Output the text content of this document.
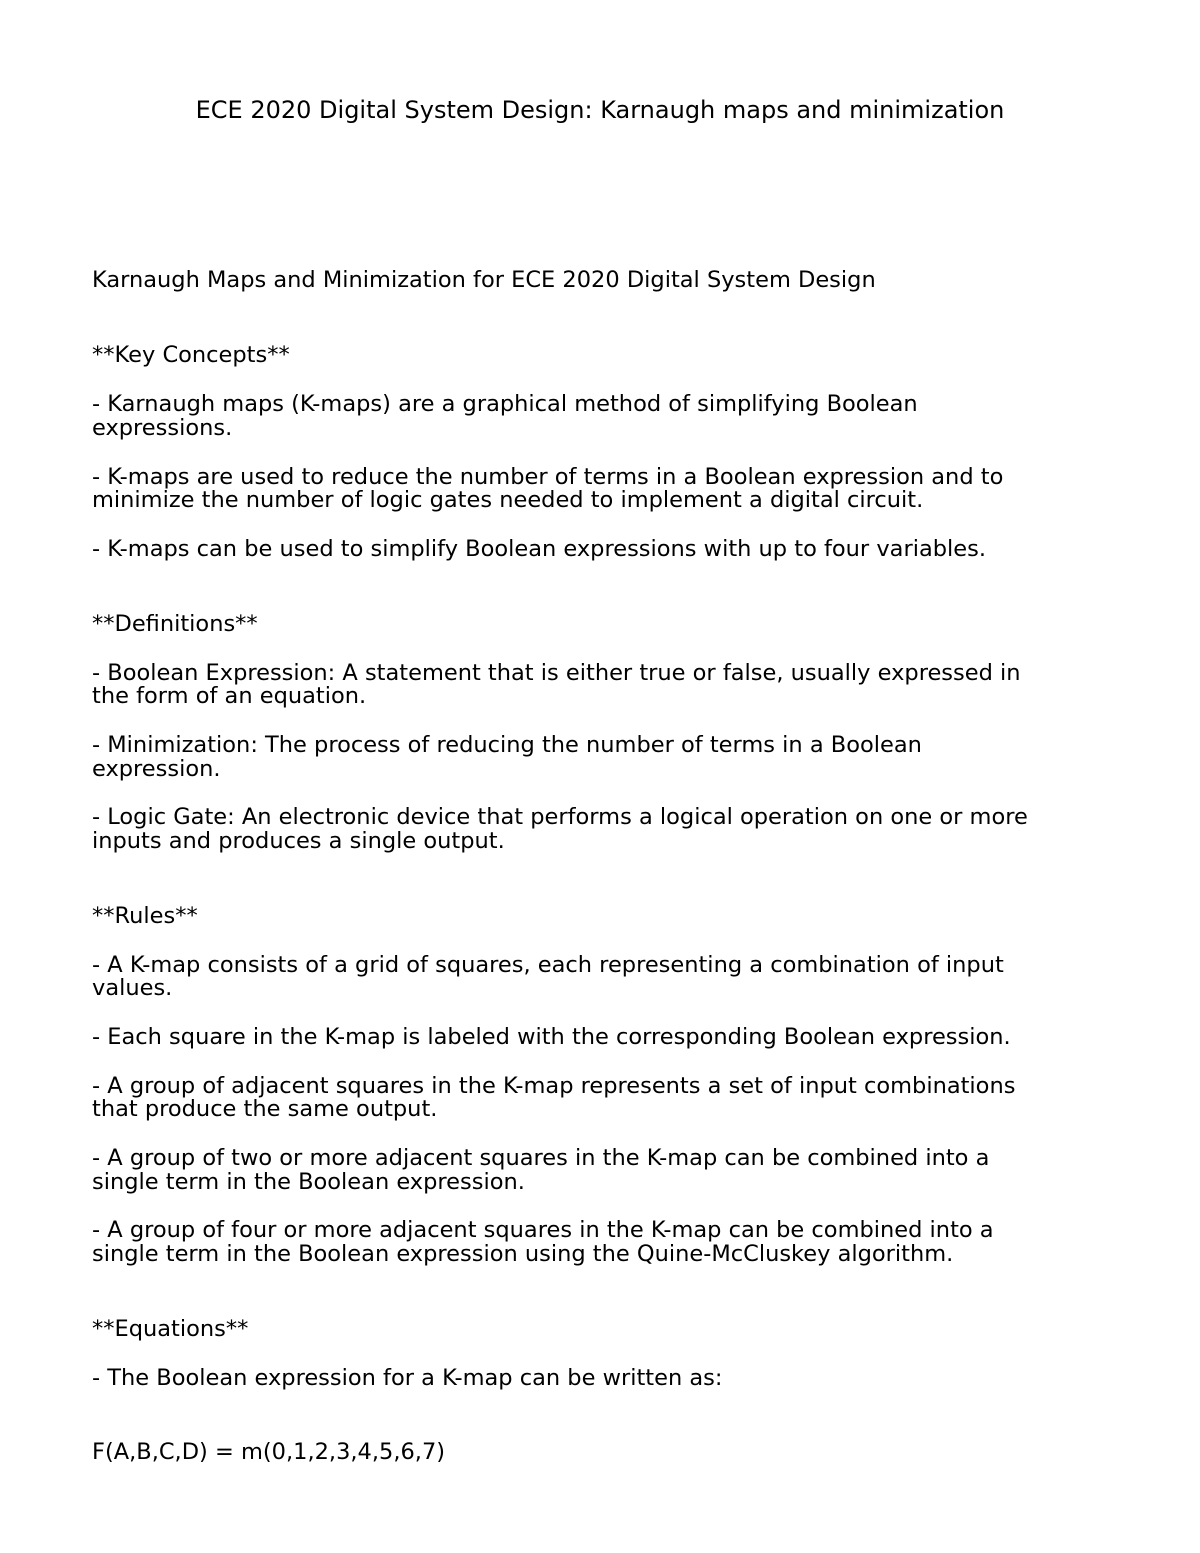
ECE 2020 Digital System Design: Karnaugh maps and minimization

Karnaugh Maps and Minimization for ECE 2020 Digital System Design

**Key Concepts**

- Karnaugh maps (K-maps) are a graphical method of simplifying Boolean

expressions.

- K-maps are used to reduce the number of terms in a Boolean expression and to

minimize the number of logic gates needed to implement a digital circuit.

- K-maps can be used to simplify Boolean expressions with up to four variables.

**Definitions**

- Boolean Expression: A statement that is either true or false, usually expressed in

the form of an equation.

- Minimization: The process of reducing the number of terms in a Boolean

expression.

- Logic Gate: An electronic device that performs a logical operation on one or more

inputs and produces a single output.

**Rules**

- A K-map consists of a grid of squares, each representing a combination of input

values.

- Each square in the K-map is labeled with the corresponding Boolean expression.

- A group of adjacent squares in the K-map represents a set of input combinations

that produce the same output.

- A group of two or more adjacent squares in the K-map can be combined into a

single term in the Boolean expression.

- A group of four or more adjacent squares in the K-map can be combined into a

single term in the Boolean expression using the Quine-McCluskey algorithm.

**Equations**

- The Boolean expression for a K-map can be written as:

F(A,B,C,D) = m(0,1,2,3,4,5,6,7)
